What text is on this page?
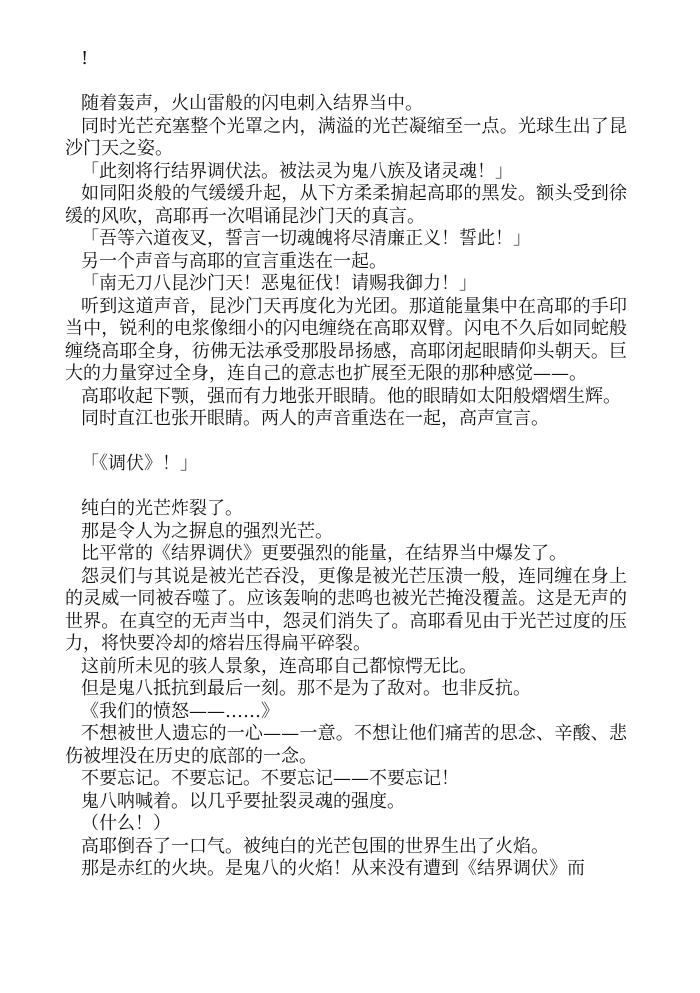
!

随着轰声，火山雷般的闪电刺入结界当中。

同时光芒充塞整个光罩之内，满溢的光芒凝缩至一点。光球生出了昆沙门天之姿。

「此刻将行结界调伏法。被法灵为鬼八族及诸灵魂！」

如同阳炎般的气缓缓升起，从下方柔柔掮起高耶的黑发。额头受到徐缓的风吹，高耶再一次唱诵昆沙门天的真言。

「吾等六道夜叉，誓言一切魂魄将尽清廉正义！誓此！」

另一个声音与高耶的宣言重迭在一起。

「南无刀八昆沙门天！恶鬼征伐！请赐我御力！」

听到这道声音，昆沙门天再度化为光团。那道能量集中在高耶的手印当中，锐利的电浆像细小的闪电缠绕在高耶双臂。闪电不久后如同蛇般缠绕高耶全身，彷佛无法承受那股昂扬感，高耶闭起眼睛仰头朝天。巨大的力量穿过全身，连自己的意志也扩展至无限的那种感觉——。

高耶收起下颚，强而有力地张开眼睛。他的眼睛如太阳般熠熠生辉。

同时直江也张开眼睛。两人的声音重迭在一起，高声宣言。

「《调伏》！」

纯白的光芒炸裂了。

那是令人为之摒息的强烈光芒。

比平常的《结界调伏》更要强烈的能量，在结界当中爆发了。

怨灵们与其说是被光芒吞没，更像是被光芒压溃一般，连同缠在身上的灵威一同被吞噬了。应该轰响的悲鸣也被光芒掩没覆盖。这是无声的世界。在真空的无声当中，怨灵们消失了。高耶看见由于光芒过度的压力，将快要冷却的熔岩压得扁平碎裂。

这前所未见的骇人景象，连高耶自己都惊愕无比。

但是鬼八抵抗到最后一刻。那不是为了敌对。也非反抗。

《我们的愤怒——……》

不想被世人遗忘的一心——一意。不想让他们痛苦的思念、辛酸、悲伤被埋没在历史的底部的一念。

不要忘记。不要忘记。不要忘记——不要忘记！

鬼八呐喊着。以几乎要扯裂灵魂的强度。

（什么！）

高耶倒吞了一口气。被纯白的光芒包围的世界生出了火焰。

那是赤红的火块。是鬼八的火焰！从来没有遭到《结界调伏》而
